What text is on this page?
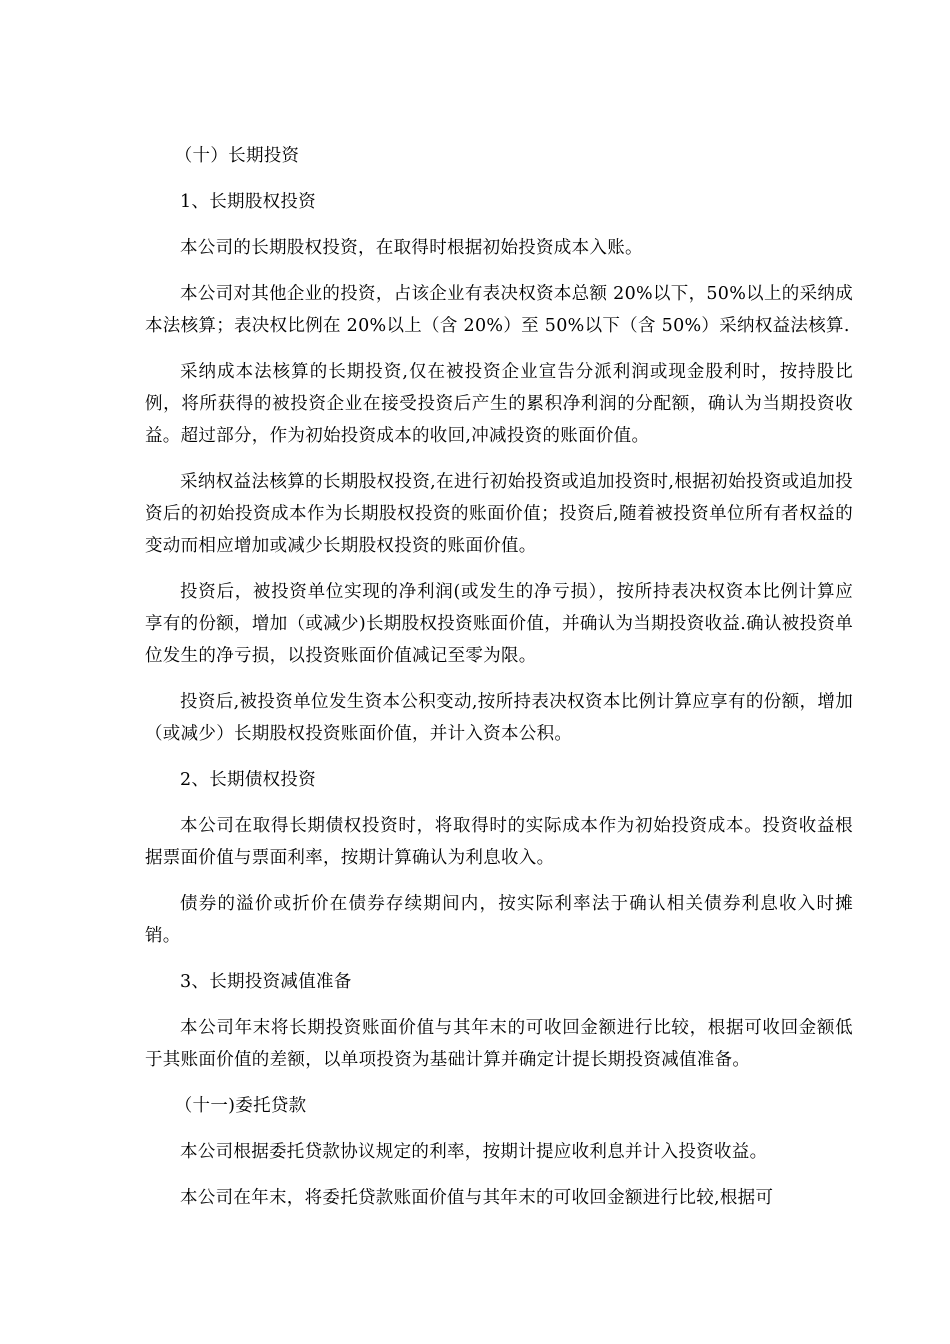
（十）长期投资
1、长期股权投资

本公司的长期股权投资，在取得时根据初始投资成本入账。

本公司对其他企业的投资，占该企业有表决权资本总额 20%以下，50%以上的采纳成本法核算；表决权比例在 20%以上（含 20%）至 50%以下（含 50%）采纳权益法核算.

采纳成本法核算的长期投资,仅在被投资企业宣告分派利润或现金股利时，按持股比例，将所获得的被投资企业在接受投资后产生的累积净利润的分配额，确认为当期投资收益。超过部分，作为初始投资成本的收回,冲减投资的账面价值。

采纳权益法核算的长期股权投资,在进行初始投资或追加投资时,根据初始投资或追加投资后的初始投资成本作为长期股权投资的账面价值；投资后,随着被投资单位所有者权益的变动而相应增加或减少长期股权投资的账面价值。

投资后，被投资单位实现的净利润(或发生的净亏损），按所持表决权资本比例计算应享有的份额，增加（或减少)长期股权投资账面价值，并确认为当期投资收益.确认被投资单位发生的净亏损，以投资账面价值减记至零为限。

投资后,被投资单位发生资本公积变动,按所持表决权资本比例计算应享有的份额，增加（或减少）长期股权投资账面价值，并计入资本公积。

2、长期债权投资

本公司在取得长期债权投资时，将取得时的实际成本作为初始投资成本。投资收益根据票面价值与票面利率，按期计算确认为利息收入。

债券的溢价或折价在债券存续期间内，按实际利率法于确认相关债券利息收入时摊销。

3、长期投资减值准备

本公司年末将长期投资账面价值与其年末的可收回金额进行比较，根据可收回金额低于其账面价值的差额，以单项投资为基础计算并确定计提长期投资减值准备。

（十一)委托贷款

本公司根据委托贷款协议规定的利率，按期计提应收利息并计入投资收益。

本公司在年末，将委托贷款账面价值与其年末的可收回金额进行比较,根据可
